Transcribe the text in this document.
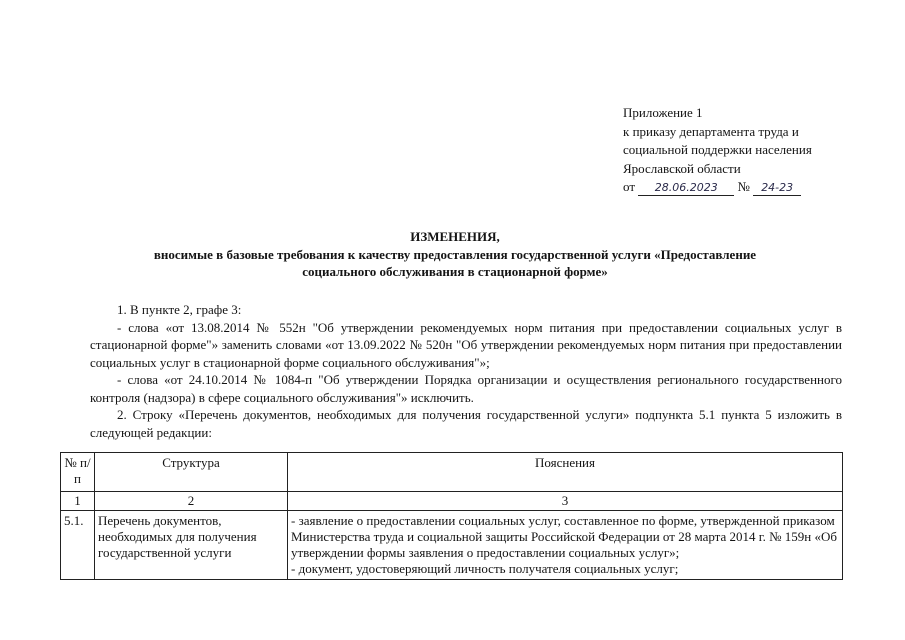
Приложение 1
к приказу департамента труда и
социальной поддержки населения
Ярославской области
от 28.06.2023 № 24-23
ИЗМЕНЕНИЯ,
вносимые в базовые требования к качеству предоставления государственной услуги «Предоставление
социального обслуживания в стационарной форме»

1. В пункте 2, графе 3:

- слова «от 13.08.2014 № 552н "Об утверждении рекомендуемых норм питания при предоставлении социальных услуг в стационарной форме"» заменить словами «от 13.09.2022 № 520н "Об утверждении рекомендуемых норм питания при предоставлении социальных услуг в стационарной форме социального обслуживания"»;

- слова «от 24.10.2014 № 1084-п "Об утверждении Порядка организации и осуществления регионального государственного контроля (надзора) в сфере социального обслуживания"» исключить.

2. Строку «Перечень документов, необходимых для получения государственной услуги» подпункта 5.1 пункта 5 изложить в следующей редакции:

№ п/п	Структура	Пояснения
1	2	3
5.1.	Перечень документов, необходимых для получения государственной услуги	- заявление о предоставлении социальных услуг, составленное по форме, утвержденной приказом Министерства труда и социальной защиты Российской Федерации от 28 марта 2014 г. № 159н «Об утверждении формы заявления о предоставлении социальных услуг»;
- документ, удостоверяющий личность получателя социальных услуг;
